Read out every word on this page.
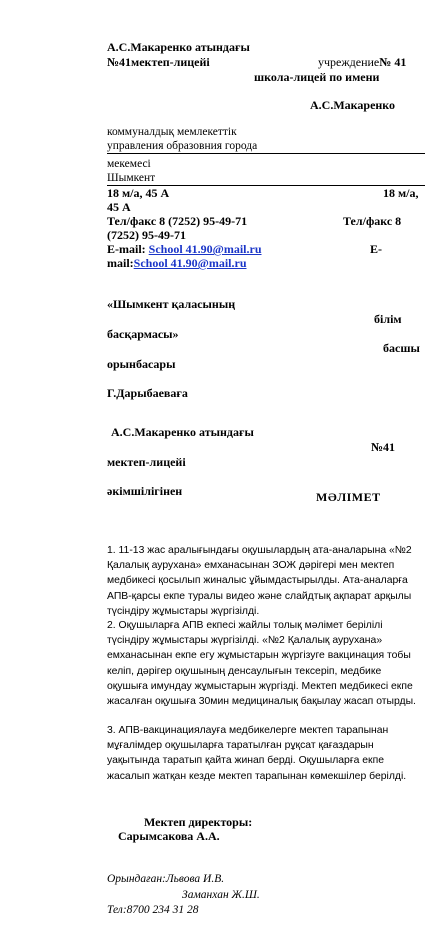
А.С.Макаренко атындағы
№41мектеп-лицейі	учреждение№ 41
школа-лицей по имени
А.С.Макаренко
коммуналдық мемлекеттік
управления образовния города
мекемесі
Шымкент
18 м/а, 45 А	18 м/а,
45 А
Тел/факс 8 (7252) 95-49-71	Тел/факс 8
(7252) 95-49-71
E-mail: School 41.90@mail.ru	E-
mail:School 41.90@mail.ru
«Шымкент қаласының
білім
басқармасы»
басшы
орынбасары
Г.Дарыбаеваға
А.С.Макаренко атындағы
№41
мектеп-лицейі
әкімшілігінен	МӘЛІМЕТ

1. 11-13 жас аралығындағы оқушылардың ата-аналарына «№2 Қалалық аурухана» емханасынан ЗОЖ дәрігері мен мектеп медбикесі қосылып жиналыс ұйымдастырылды. Ата-аналарға АПВ-қарсы екпе туралы видео және слайдтық ақпарат арқылы түсіндіру жұмыстары жүргізілді.

2. Оқушыларға АПВ екпесі жайлы толық мәлімет берілілі түсіндіру жұмыстары жүргізілді. «№2 Қалалық аурухана» емханасынан екпе егу жұмыстарын жүргізуге вакцинация тобы келіп, дәрігер оқушының денсаулығын тексеріп, медбике оқушыға имундау жұмыстарын жүргізді. Мектеп медбикесі екпе жасалған оқушыға 30мин медициналық бақылау жасап отырды.

3. АПВ-вакцинациялауға медбикелерге мектеп тарапынан мұғалімдер оқушыларға таратылған рұқсат қағаздарын уақытында таратып қайта жинап берді. Оқушыларға екпе жасалып жатқан кезде мектеп тарапынан көмекшілер берілді.

Мектеп директоры:
Сарымсакова А.А.
Орындаған:Львова И.В.
Заманхан Ж.Ш.
Тел:8700 234 31 28
